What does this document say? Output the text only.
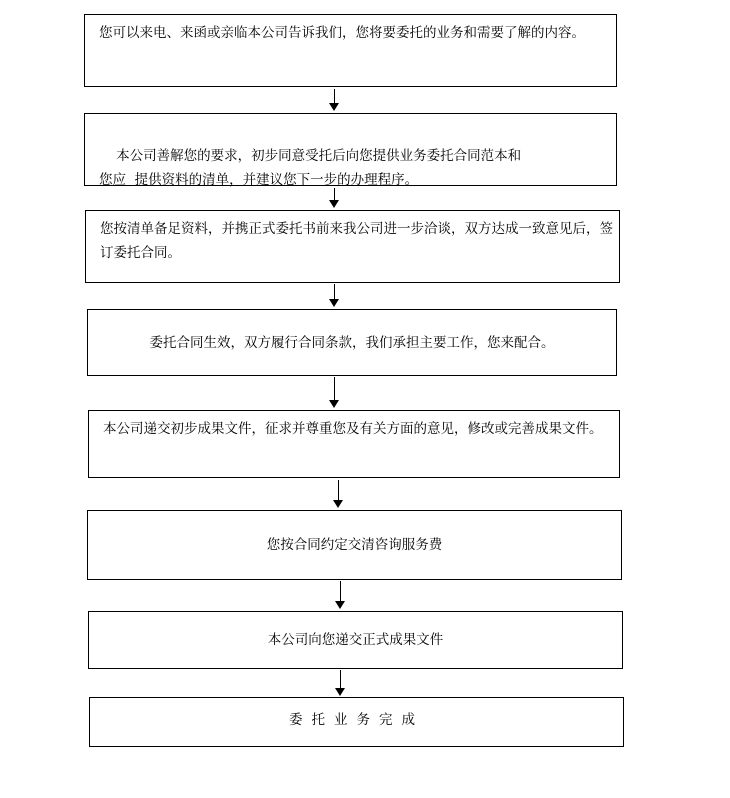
您可以来电、来函或亲临本公司告诉我们，您将要委托的业务和需要了解的内容。

本公司善解您的要求，初步同意受托后向您提供业务委托合同范本和
您应  提供资料的清单，并建议您下一步的办理程序。

您按清单备足资料，并携正式委托书前来我公司进一步洽谈，双方达成一致意见后，签订委托合同。
委托合同生效，双方履行合同条款，我们承担主要工作，您来配合。
本公司递交初步成果文件，征求并尊重您及有关方面的意见，修改或完善成果文件。
您按合同约定交清咨询服务费
本公司向您递交正式成果文件
委托业务完成
